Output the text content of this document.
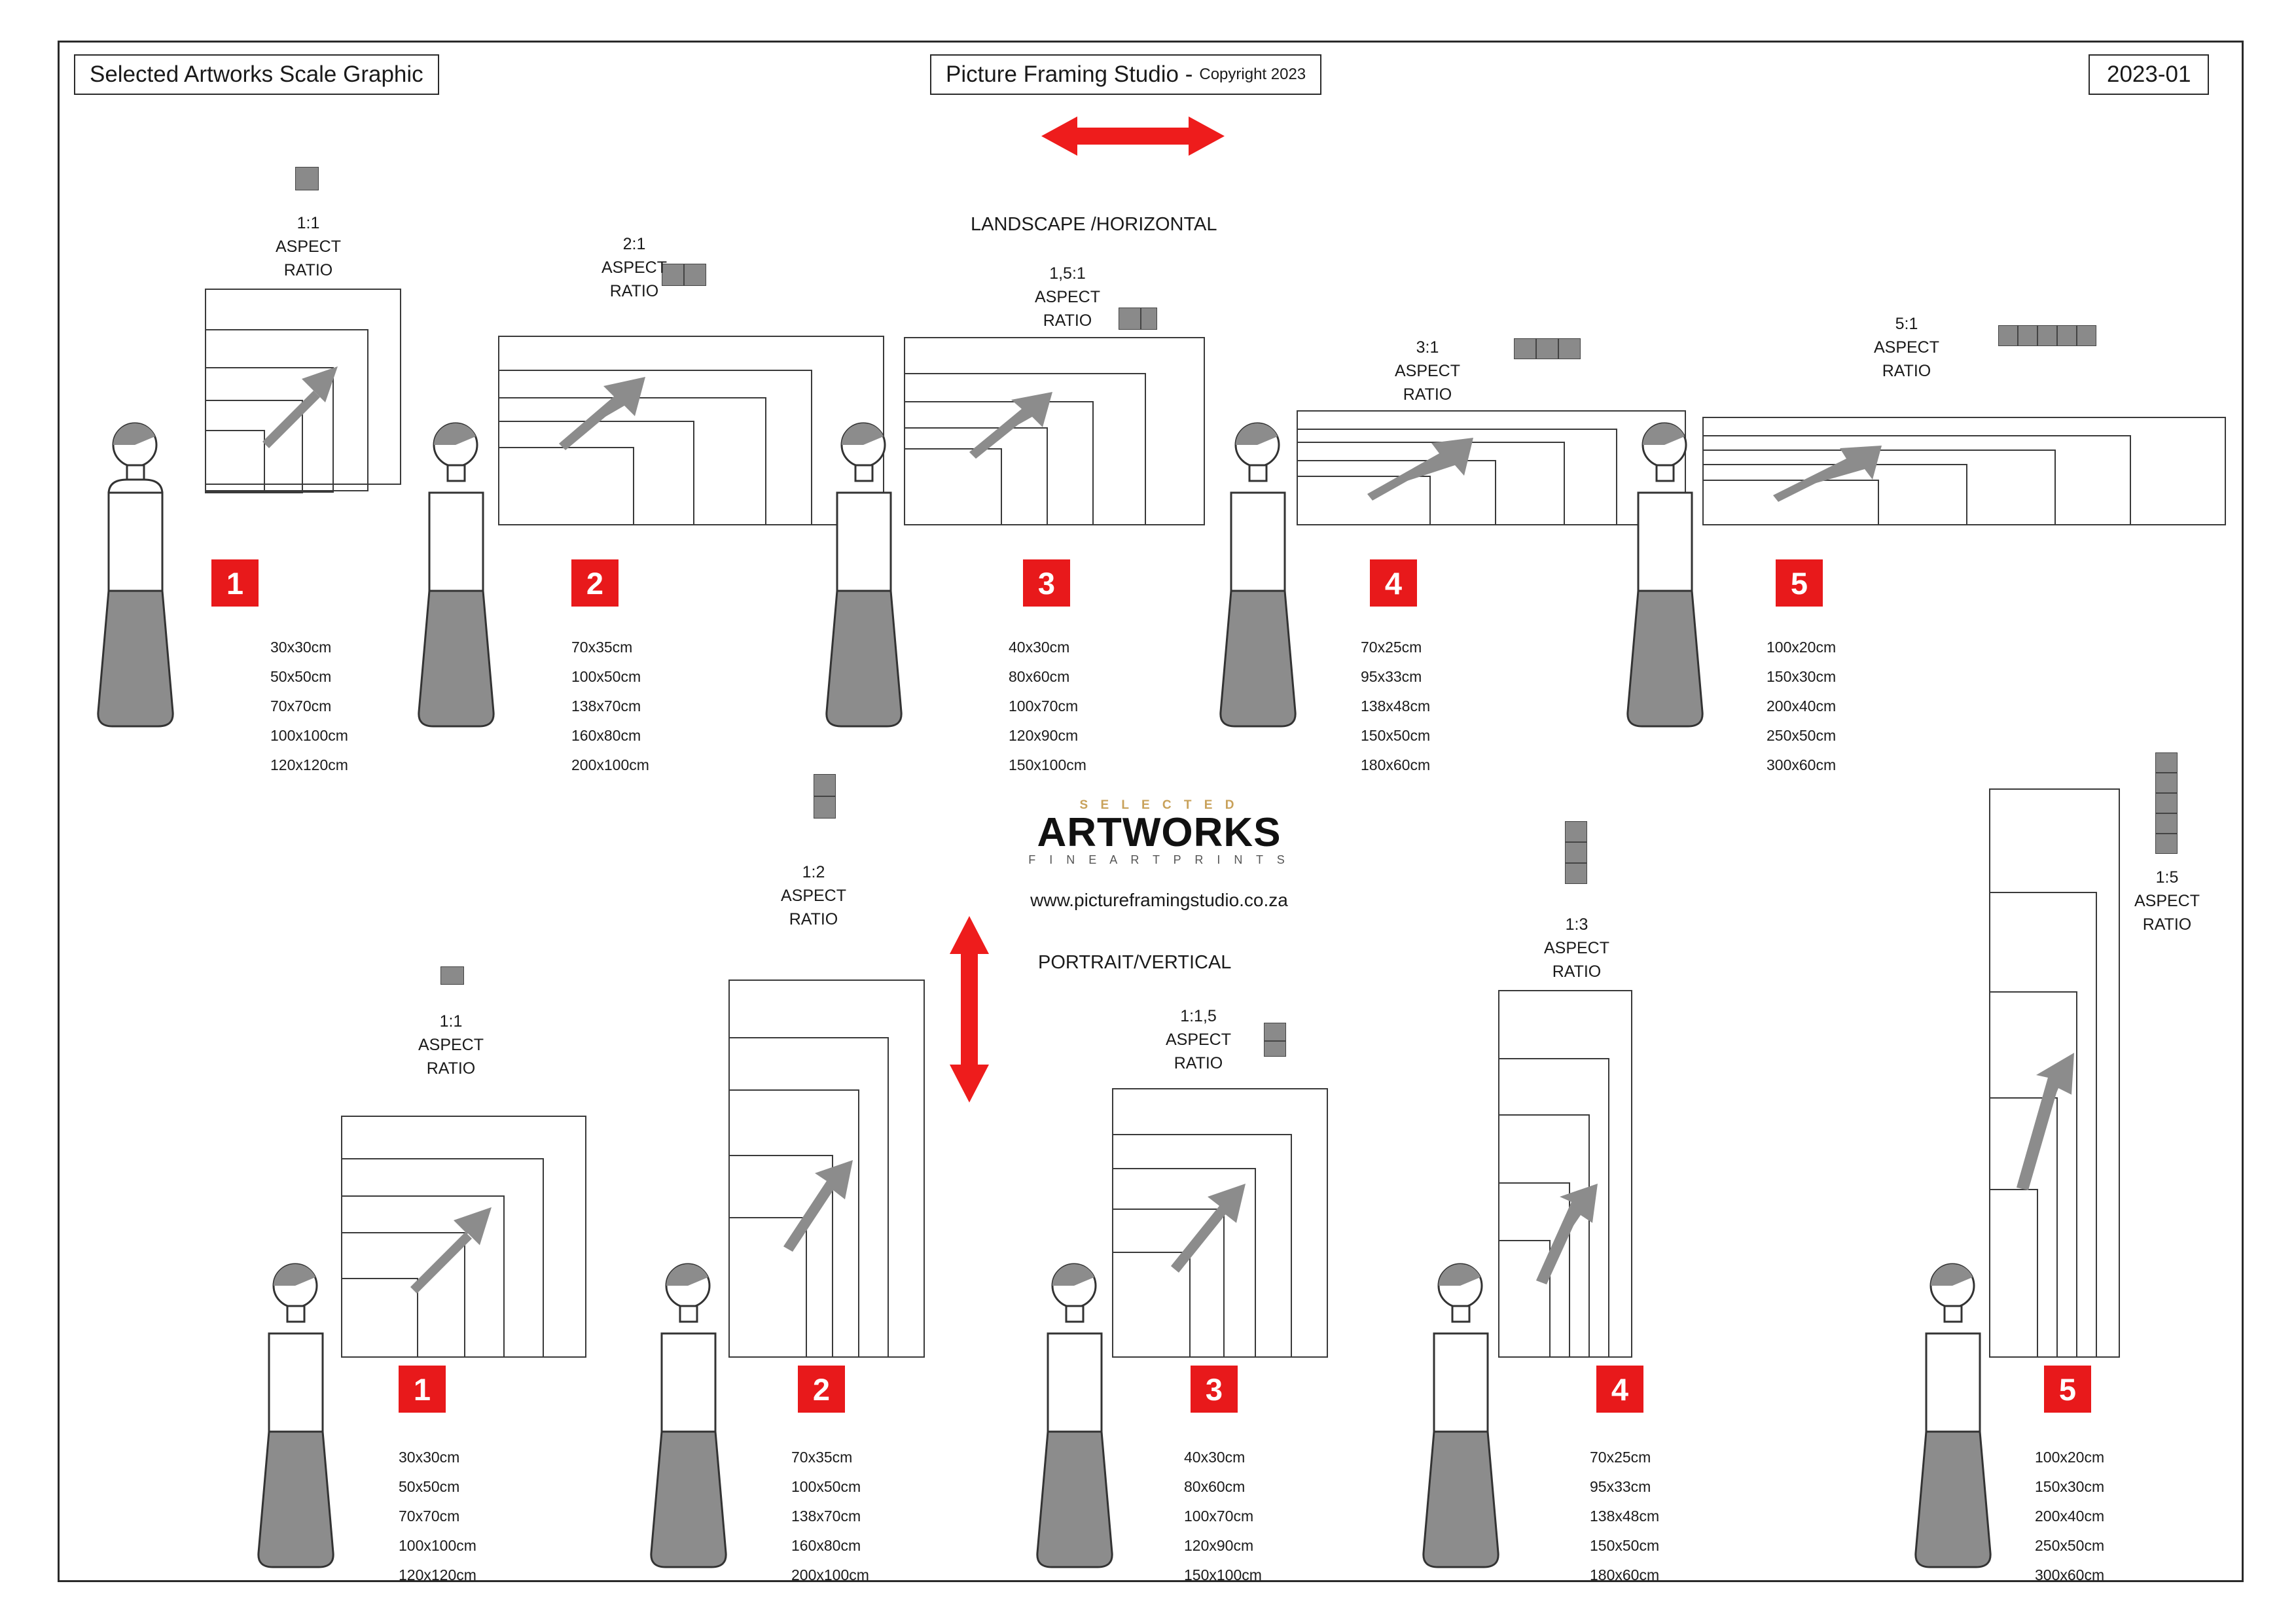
Selected Artworks Scale Graphic	Picture Framing Studio - Copyright 2023	2023-01
LANDSCAPE /HORIZONTAL
PORTRAIT/VERTICAL
S E L E C T E D
ARTWORKS
F I N E A R T P R I N T S
www.pictureframingstudio.co.za
1:1
ASPECT
RATIO
1
30x30cm
50x50cm
70x70cm
100x100cm
120x120cm
2:1
ASPECT
RATIO
2
70x35cm
100x50cm
138x70cm
160x80cm
200x100cm
1,5:1
ASPECT
RATIO
3
40x30cm
80x60cm
100x70cm
120x90cm
150x100cm
3:1
ASPECT
RATIO
4
70x25cm
95x33cm
138x48cm
150x50cm
180x60cm
5:1
ASPECT
RATIO
5
100x20cm
150x30cm
200x40cm
250x50cm
300x60cm
1:1
ASPECT
RATIO
1
30x30cm
50x50cm
70x70cm
100x100cm
120x120cm
1:2
ASPECT
RATIO
2
70x35cm
100x50cm
138x70cm
160x80cm
200x100cm
1:1,5
ASPECT
RATIO
3
40x30cm
80x60cm
100x70cm
120x90cm
150x100cm
1:3
ASPECT
RATIO
4
70x25cm
95x33cm
138x48cm
150x50cm
180x60cm
1:5
ASPECT
RATIO
5
100x20cm
150x30cm
200x40cm
250x50cm
300x60cm
